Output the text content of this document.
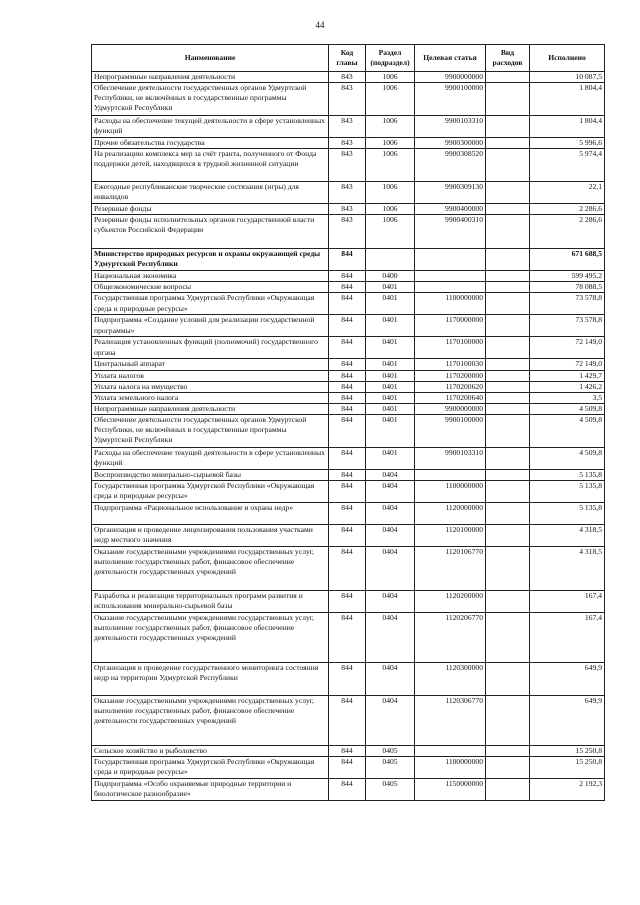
44
Наименование	Код главы	Раздел (подраздел)	Целевая статья	Вид расходов	Исполнено
Непрограммные направления деятельности	843	1006	9900000000		10 087,5
Обеспечение деятельности государственных органов Удмуртской Республики, не включённых в государственные программы Удмуртской Республики	843	1006	9900100000		1 804,4
Расходы на обеспечение текущей деятельности в сфере установленных функций	843	1006	9900103310		1 804,4
Прочие обязательства государства	843	1006	9900300000		5 996,6
На реализацию комплекса мер за счёт гранта, полученного от Фонда поддержки детей, находящихся в трудной жизненной ситуации	843	1006	9900308520		5 974,4
Ежегодные республиканские творческие состязания (игры) для инвалидов	843	1006	9900309130		22,1
Резервные фонды	843	1006	9900400000		2 286,6
Резервные фонды исполнительных органов государственной власти субъектов Российской Федерации	843	1006	9900400310		2 286,6
Министерство природных ресурсов и охраны окружающей среды Удмуртской Республики	844				671 688,5
Национальная экономика	844	0400			599 495,2
Общеэкономические вопросы	844	0401			78 088,5
Государственная программа Удмуртской Республики «Окружающая среда и природные ресурсы»	844	0401	1100000000		73 578,8
Подпрограмма «Создание условий для реализации государственной программы»	844	0401	1170000000		73 578,8
Реализация установленных функций (полномочий) государственного органа	844	0401	1170100000		72 149,0
Центральный аппарат	844	0401	1170100030		72 149,0
Уплата налогов	844	0401	1170200000		1 429,7
Уплата налога на имущество	844	0401	1170200620		1 426,2
Уплата земельного налога	844	0401	1170200640		3,5
Непрограммные направления деятельности	844	0401	9900000000		4 509,8
Обеспечение деятельности государственных органов Удмуртской Республики, не включённых в государственные программы Удмуртской Республики	844	0401	9900100000		4 509,8
Расходы на обеспечение текущей деятельности в сфере установленных функций	844	0401	9900103310		4 509,8
Воспроизводство минерально-сырьевой базы	844	0404			5 135,8
Государственная программа Удмуртской Республики «Окружающая среда и природные ресурсы»	844	0404	1100000000		5 135,8
Подпрограмма «Рациональное использование и охрана недр»	844	0404	1120000000		5 135,8
Организация и проведение лицензирования пользования участками недр местного значения	844	0404	1120100000		4 318,5
Оказание государственными учреждениями государственных услуг, выполнение государственных работ, финансовое обеспечение деятельности государственных учреждений	844	0404	1120106770		4 318,5
Разработка и реализация территориальных программ развития и использования минерально-сырьевой базы	844	0404	1120200000		167,4
Оказание государственными учреждениями государственных услуг, выполнение государственных работ, финансовое обеспечение деятельности государственных учреждений	844	0404	1120206770		167,4
Организация и проведение государственного мониторинга состояния недр на территории Удмуртской Республики	844	0404	1120300000		649,9
Оказание государственными учреждениями государственных услуг, выполнение государственных работ, финансовое обеспечение деятельности государственных учреждений	844	0404	1120306770		649,9
Сельское хозяйство и рыболовство	844	0405			15 250,8
Государственная программа Удмуртской Республики «Окружающая среда и природные ресурсы»	844	0405	1100000000		15 250,8
Подпрограмма «Особо охраняемые природные территории и биологическое разнообразие»	844	0405	1150000000		2 192,3
